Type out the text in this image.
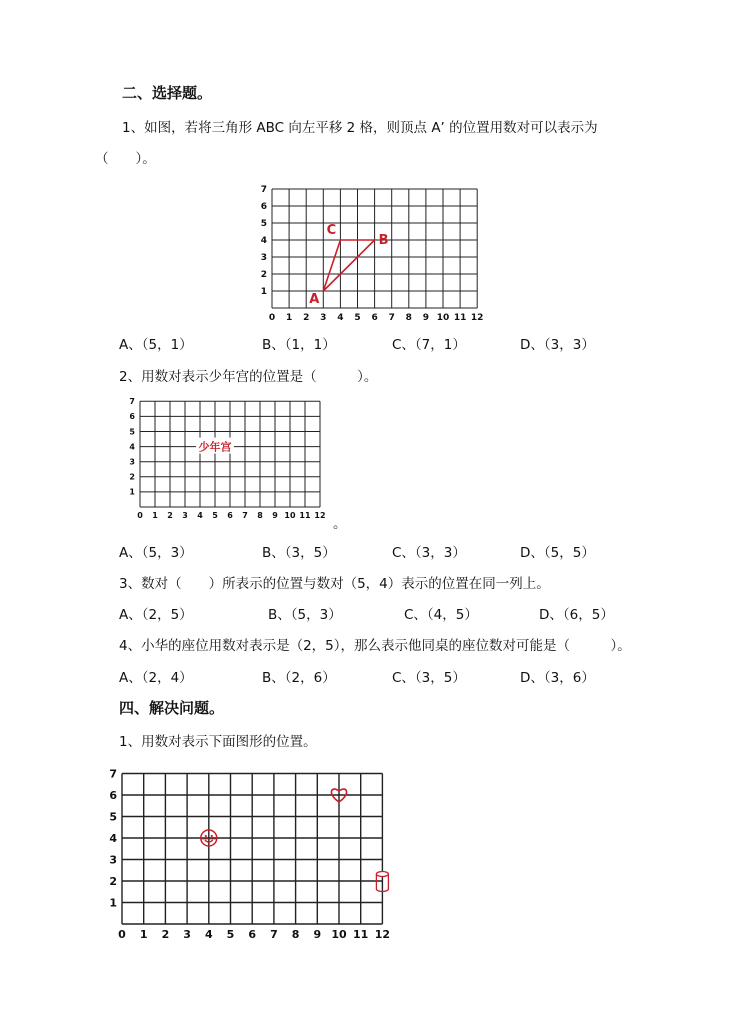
二、选择题。
1、如图，若将三角形 ABC 向左平移 2 格，则顶点 A’ 的位置用数对可以表示为
（　　）。
0 1 2 3 4 5 6 7 8 9 10 11 12
1
2
3
4
5
6
7
A
B
C
A、（5，1）	B、（1，1）	C、（7，1）	D、（3，3）
2、用数对表示少年宫的位置是（　　　）。
0 1 2 3 4 5 6 7 8 9 10 11 12
1
2
3
4
5
6
7
少年宫
。
A、（5，3）	B、（3，5）	C、（3，3）	D、（5，5）
3、数对（　　）所表示的位置与数对（5，4）表示的位置在同一列上。
A、（2，5）	B、（5，3）	C、（4，5）	D、（6，5）
4、小华的座位用数对表示是（2，5），那么表示他同桌的座位数对可能是（　　　）。
A、（2，4）	B、（2，6）	C、（3，5）	D、（3，6）
四、解决问题。
1、用数对表示下面图形的位置。
0 1 2 3 4 5 6 7 8 9 10 11 12
1
2
3
4
5
6
7
